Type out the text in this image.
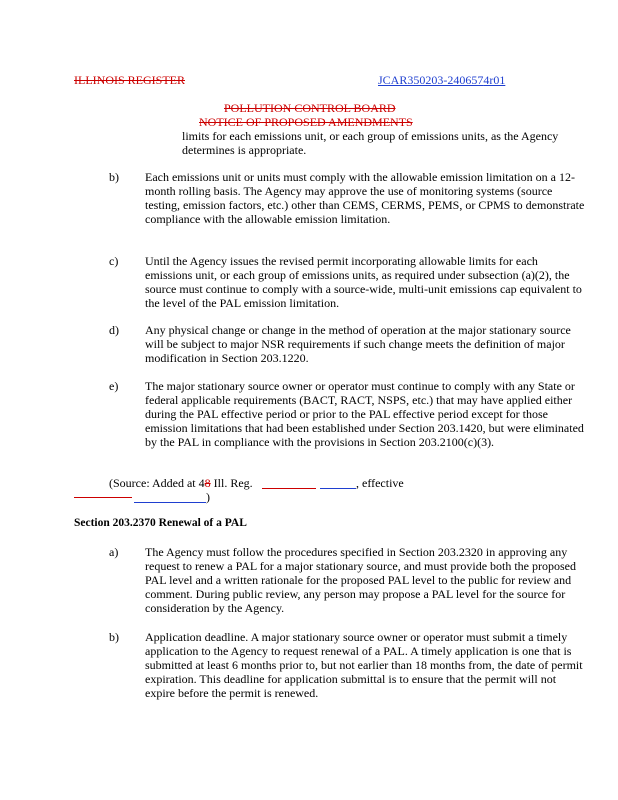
ILLINOIS REGISTER	JCAR350203-2406574r01
POLLUTION CONTROL BOARD
NOTICE OF PROPOSED AMENDMENTS
limits for each emissions unit, or each group of emissions units, as the Agency determines is appropriate.
b) Each emissions unit or units must comply with the allowable emission limitation on a 12-month rolling basis. The Agency may approve the use of monitoring systems (source testing, emission factors, etc.) other than CEMS, CERMS, PEMS, or CPMS to demonstrate compliance with the allowable emission limitation.
c) Until the Agency issues the revised permit incorporating allowable limits for each emissions unit, or each group of emissions units, as required under subsection (a)(2), the source must continue to comply with a source-wide, multi-unit emissions cap equivalent to the level of the PAL emission limitation.
d) Any physical change or change in the method of operation at the major stationary source will be subject to major NSR requirements if such change meets the definition of major modification in Section 203.1220.
e) The major stationary source owner or operator must continue to comply with any State or federal applicable requirements (BACT, RACT, NSPS, etc.) that may have applied either during the PAL effective period or prior to the PAL effective period except for those emission limitations that had been established under Section 203.1420, but were eliminated by the PAL in compliance with the provisions in Section 203.2100(c)(3).
(Source: Added at 48 Ill. Reg.	, effective
)
Section 203.2370 Renewal of a PAL
a) The Agency must follow the procedures specified in Section 203.2320 in approving any request to renew a PAL for a major stationary source, and must provide both the proposed PAL level and a written rationale for the proposed PAL level to the public for review and comment. During public review, any person may propose a PAL level for the source for consideration by the Agency.
b) Application deadline. A major stationary source owner or operator must submit a timely application to the Agency to request renewal of a PAL. A timely application is one that is submitted at least 6 months prior to, but not earlier than 18 months from, the date of permit expiration. This deadline for application submittal is to ensure that the permit will not expire before the permit is renewed.
